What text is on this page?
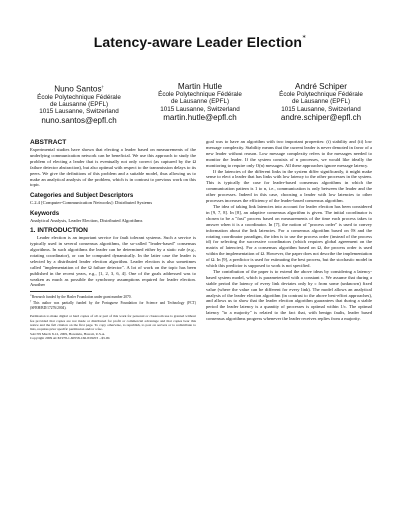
Latency-aware Leader Election∗
Nuno Santos†
École Polytechnique Fédérale
de Lausanne (EPFL)
1015 Lausanne, Switzerland
nuno.santos@epfl.ch
Martin Hutle
École Polytechnique Fédérale
de Lausanne (EPFL)
1015 Lausanne, Switzerland
martin.hutle@epfl.ch
André Schiper
École Polytechnique Fédérale
de Lausanne (EPFL)
1015 Lausanne, Switzerland
andre.schiper@epfl.ch
ABSTRACT

Experimental studies have shown that electing a leader based on measurements of the underlying communication network can be beneficial. We use this approach to study the problem of electing a leader that is eventually not only correct (as captured by the Ω failure detector abstraction), but also optimal with respect to the transmission delays to its peers. We give the definitions of this problem and a suitable model, thus allowing us to make an analytical analysis of the problem, which is in contrast to previous work on this topic.

Categories and Subject Descriptors

C.2.4 [Computer-Communication Networks]: Distributed Systems

Keywords

Analytical Analysis, Leader Election, Distributed Algorithms

1. INTRODUCTION

Leader election is an important service for fault tolerant systems. Such a service is typically used in several consensus algorithms, the so-called "leader-based" consensus algorithms. In such algorithms the leader can be determined either by a static rule (e.g., rotating coordinator), or can be computed dynamically. In the latter case the leader is selected by a distributed leader election algorithm. Leader election is also sometimes called "implementation of the Ω failure detector". A lot of work on the topic has been published in the recent years, e.g., [1, 2, 3, 6, 4]. One of the goals addressed was to weaken as much as possible the synchrony assumptions required for leader election. Another

∗Research funded by the Hasler Foundation under grant number 2070.
†This author was partially funded by the Portuguese Foundation for Science and Technology (FCT) (SFRH/BD/17276/2004).
Permission to make digital or hard copies of all or part of this work for personal or classroom use is granted without fee provided that copies are not made or distributed for profit or commercial advantage and that copies bear this notice and the full citation on the first page. To copy otherwise, to republish, to post on servers or to redistribute to lists, requires prior specific permission and/or a fee.
SAC'09 March 8-12, 2009, Honolulu, Hawaii, U.S.A.
Copyright 2009 ACM 978-1-60558-166-8/09/03 ...$5.00.

goal was to have an algorithm with two important properties: (i) stability and (ii) low message complexity. Stability means that the current leader is never demoted in favor of a new leader without reason. Low message complexity refers to the messages needed to monitor the leader. If the system consists of n processes, we would like ideally the monitoring to require only O(n) messages. All these approaches ignore message latency.

If the latencies of the different links in the system differ significantly, it might make sense to elect a leader that has links with low latency to the other processes in the system. This is typically the case for leader-based consensus algorithms in which the communication pattern is 1 to n, i.e., communication is only between the leader and the other processes. Indeed in this case, choosing a leader with low latencies to other processes increases the efficiency of the leader-based consensus algorithm.

The idea of taking link latencies into account for leader election has been considered in [9, 7, 8]. In [8], an adaptive consensus algorithm is given. The initial coordinator is chosen to be a "fast" process based on measurements of the time each process takes to answer when it is a coordinator. In [7], the notion of "process order" is used to convey information about the link latencies. For a consensus algorithm based on ◊S and the rotating coordinator paradigm, the idea is to use the process order (instead of the process id) for selecting the successive coordinators (which requires global agreement on the matrix of latencies). For a consensus algorithm based on Ω, the process order is used within the implementation of Ω. However, the paper does not describe the implementation of Ω. In [9], a predictor is used for estimating the best process, but the stochastic model in which this predictor is supposed to work is not specified.

The contribution of the paper is to extend the above ideas by considering a latency-based system model, which is parameterized with a constant c. We assume that during a stable period the latency of every link deviates only by c from some (unknown) fixed value (where the value can be different for every link). The model allows an analytical analysis of the leader election algorithm (in contrast to the above best-effort approaches), and allows us to show that the leader election algorithm guarantees that during a stable period the leader latency is a quantity of processes is optimal within 1/c. The optimal latency "to a majority" is related to the fact that, with benign faults, leader based consensus algorithms progress whenever the leader receives replies from a majority.
